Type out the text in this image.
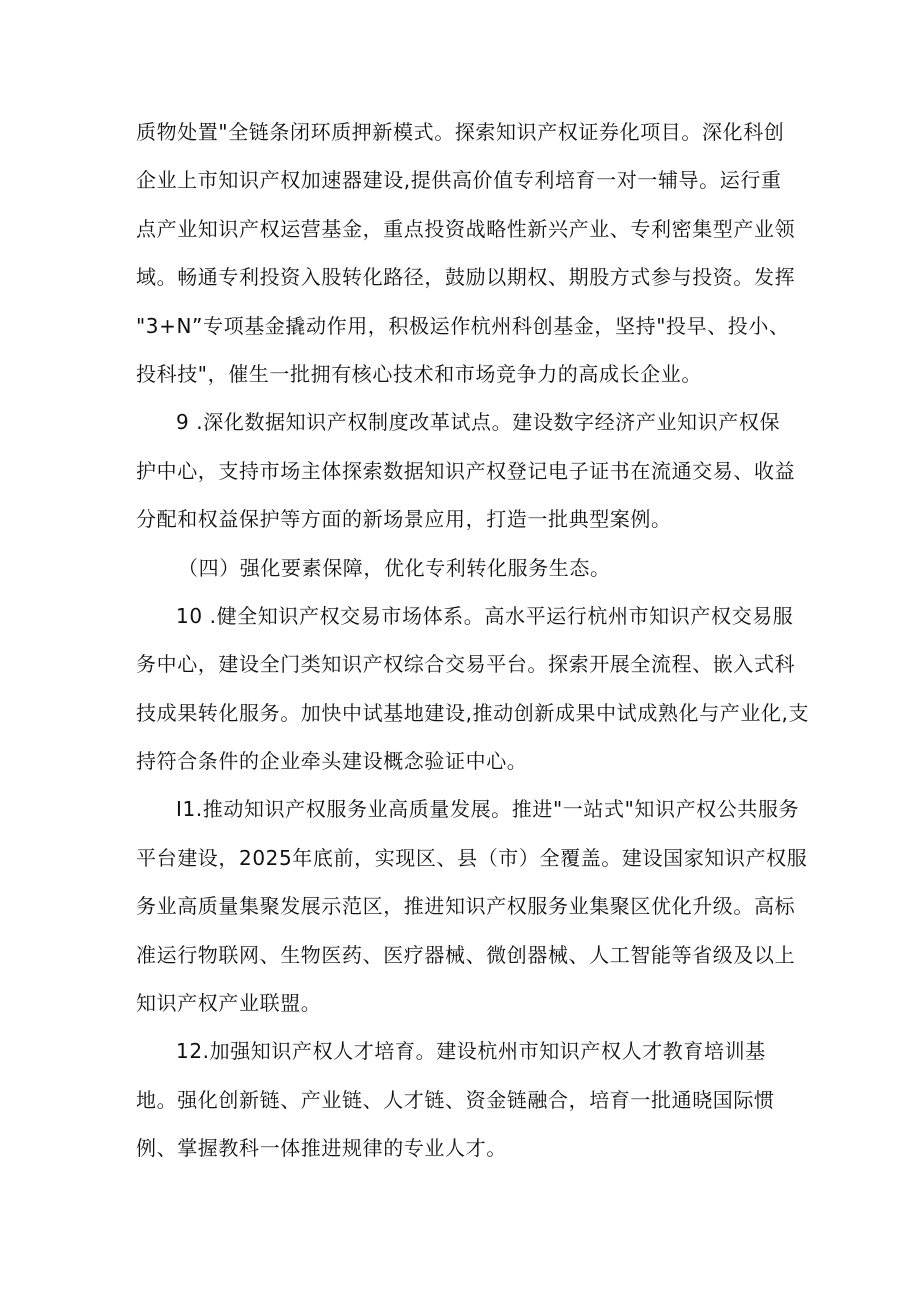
质物处置"全链条闭环质押新模式。探索知识产权证券化项目。深化科创
企业上市知识产权加速器建设,提供高价值专利培育一对一辅导。运行重
点产业知识产权运营基金，重点投资战略性新兴产业、专利密集型产业领
域。畅通专利投资入股转化路径，鼓励以期权、期股方式参与投资。发挥
"3+N”专项基金撬动作用，积极运作杭州科创基金，坚持"投早、投小、
投科技"，催生一批拥有核心技术和市场竞争力的高成长企业。
9 .深化数据知识产权制度改革试点。建设数字经济产业知识产权保
护中心，支持市场主体探索数据知识产权登记电子证书在流通交易、收益
分配和权益保护等方面的新场景应用，打造一批典型案例。
（四）强化要素保障，优化专利转化服务生态。
10 .健全知识产权交易市场体系。高水平运行杭州市知识产权交易服
务中心，建设全门类知识产权综合交易平台。探索开展全流程、嵌入式科
技成果转化服务。加快中试基地建设,推动创新成果中试成熟化与产业化,支
持符合条件的企业牵头建设概念验证中心。
I1.推动知识产权服务业高质量发展。推进"一站式"知识产权公共服务
平台建设，2025年底前，实现区、县（市）全覆盖。建设国家知识产权服
务业高质量集聚发展示范区，推进知识产权服务业集聚区优化升级。高标
准运行物联网、生物医药、医疗器械、微创器械、人工智能等省级及以上
知识产权产业联盟。
12.加强知识产权人才培育。建设杭州市知识产权人才教育培训基
地。强化创新链、产业链、人才链、资金链融合，培育一批通晓国际惯
例、掌握教科一体推进规律的专业人才。
